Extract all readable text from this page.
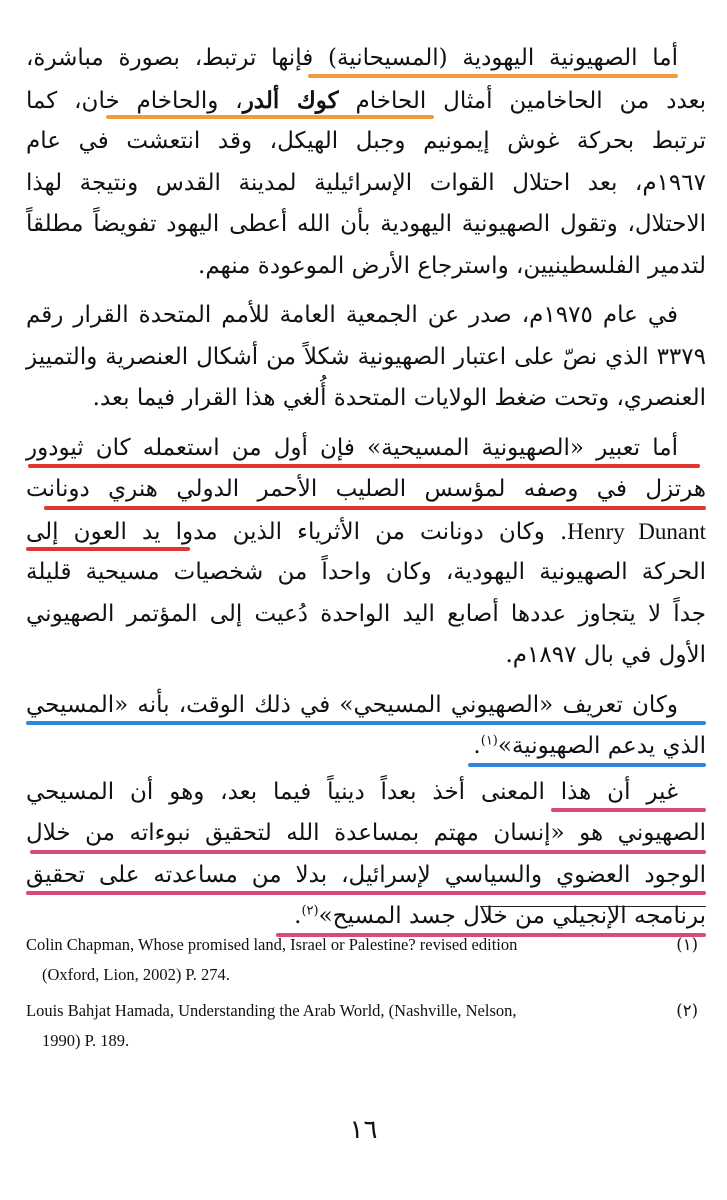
أما الصهيونية اليهودية (المسيحانية) فإنها ترتبط، بصورة مباشرة،
بعدد من الحاخامين أمثال الحاخام كوك ألدر، والحاخام خان، كما
ترتبط بحركة غوش إيمونيم وجبل الهيكل، وقد انتعشت في عام
١٩٦٧م، بعد احتلال القوات الإسرائيلية لمدينة القدس ونتيجة لهذا
الاحتلال، وتقول الصهيونية اليهودية بأن الله أعطى اليهود تفويضاً مطلقاً
لتدمير الفلسطينيين، واسترجاع الأرض الموعودة منهم.
في عام ١٩٧٥م، صدر عن الجمعية العامة للأمم المتحدة القرار رقم
٣٣٧٩ الذي نصّ على اعتبار الصهيونية شكلاً من أشكال العنصرية والتمييز
العنصري، وتحت ضغط الولايات المتحدة أُلغي هذا القرار فيما بعد.
أما تعبير «الصهيونية المسيحية» فإن أول من استعمله كان ثيودور
هرتزل في وصفه لمؤسس الصليب الأحمر الدولي هنري دونانت
Henry Dunant. وكان دونانت من الأثرياء الذين مدوا يد العون إلى
الحركة الصهيونية اليهودية، وكان واحداً من شخصيات مسيحية قليلة
جداً لا يتجاوز عددها أصابع اليد الواحدة دُعيت إلى المؤتمر الصهيوني
الأول في بال ١٨٩٧م.
وكان تعريف «الصهيوني المسيحي» في ذلك الوقت، بأنه «المسيحي
الذي يدعم الصهيونية»$^{(١)}$.
غير أن هذا المعنى أخذ بعداً دينياً فيما بعد، وهو أن المسيحي
الصهيوني هو «إنسان مهتم بمساعدة الله لتحقيق نبوءاته من خلال
الوجود العضوي والسياسي لإسرائيل، بدلا من مساعدته على تحقيق
برنامجه الإنجيلي من خلال جسد المسيح»$^{(٢)}$.
(١)
Colin Chapman, Whose promised land, Israel or Palestine? revised edition
(Oxford, Lion, 2002) P. 274.
(٢)
Louis Bahjat Hamada, Understanding the Arab World, (Nashville, Nelson,
1990) P. 189.
١٦
